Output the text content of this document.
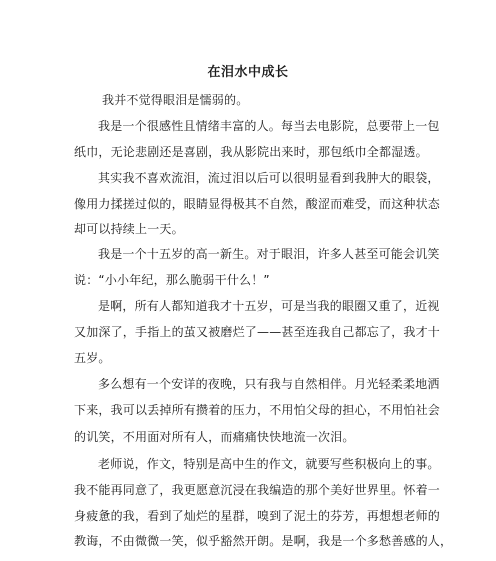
在泪水中成长
我并不觉得眼泪是懦弱的。
我是一个很感性且情绪丰富的人。每当去电影院，总要带上一包
纸巾，无论悲剧还是喜剧，我从影院出来时，那包纸巾全都湿透。
其实我不喜欢流泪，流过泪以后可以很明显看到我肿大的眼袋，
像用力揉搓过似的，眼睛显得极其不自然，酸涩而难受，而这种状态
却可以持续上一天。
我是一个十五岁的高一新生。对于眼泪，许多人甚至可能会讥笑
说：“小小年纪，那么脆弱干什么！”
是啊，所有人都知道我才十五岁，可是当我的眼圈又重了，近视
又加深了，手指上的茧又被磨烂了——甚至连我自己都忘了，我才十
五岁。
多么想有一个安详的夜晚，只有我与自然相伴。月光轻柔柔地洒
下来，我可以丢掉所有攒着的压力，不用怕父母的担心，不用怕社会
的讥笑，不用面对所有人，而痛痛快快地流一次泪。
老师说，作文，特别是高中生的作文，就要写些积极向上的事。
我不能再同意了，我更愿意沉浸在我编造的那个美好世界里。怀着一
身疲惫的我，看到了灿烂的星群，嗅到了泥土的芬芳，再想想老师的
教诲，不由微微一笑，似乎豁然开朗。是啊，我是一个多愁善感的人，
